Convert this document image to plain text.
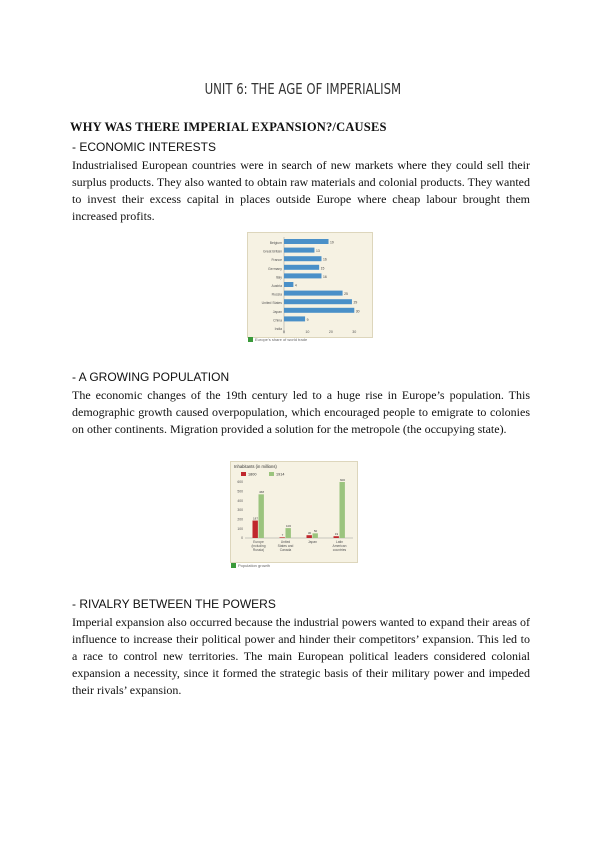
UNIT 6: THE AGE OF IMPERIALISM
WHY WAS THERE IMPERIAL EXPANSION?/CAUSES
- ECONOMIC INTERESTS

Industrialised European countries were in search of new markets where they could sell their surplus products. They also wanted to obtain raw materials and colonial products. They wanted to invest their excess capital in places outside Europe where cheap labour brought them increased profits.

Belgium	19
Great Britain	13
France	16
Germany	15
Italy	16
Austria	4
Russia	25
United States	29
Japan	30
China	9
India
0	10	20	30
Europe’s share of world trade
- A GROWING POPULATION

The economic changes of the 19th century led to a huge rise in Europe’s population. This demographic growth caused overpopulation, which encouraged people to emigrate to colonies on other continents. Migration provided a solution for the metropole (the occupying state).

Inhabitants (in millions)
1800	1914
0
100
200
300
400
500
600
187
468
Europe
(including
Russia)
7
106
United
States and
Canada
30 50
Japan
19
600
Latin
American
countries
Population growth
- RIVALRY BETWEEN THE POWERS

Imperial expansion also occurred because the industrial powers wanted to expand their areas of influence to increase their political power and hinder their competitors’ expansion. This led to a race to control new territories. The main European political leaders considered colonial expansion a necessity, since it formed the strategic basis of their military power and impeded their rivals’ expansion.
